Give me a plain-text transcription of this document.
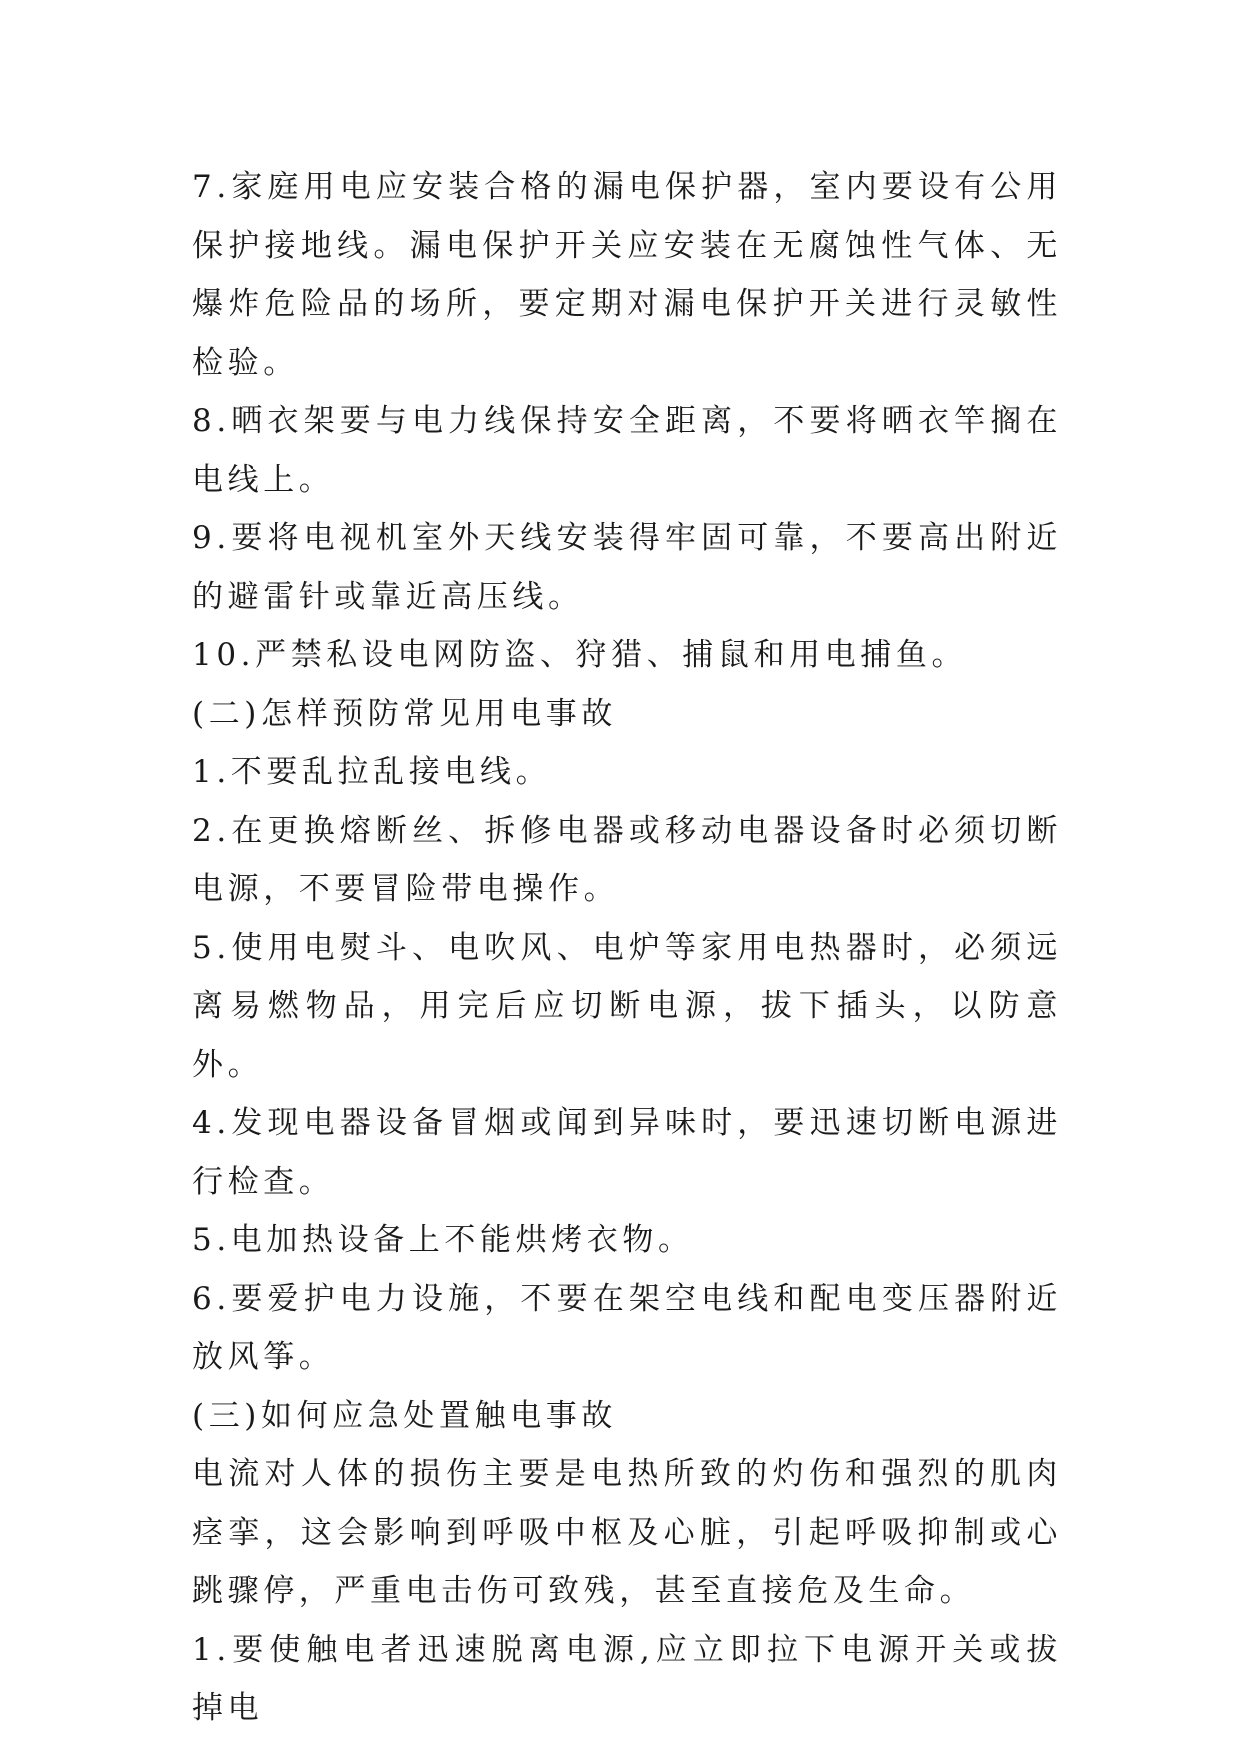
7.家庭用电应安装合格的漏电保护器，室内要设有公用保护接地线。漏电保护开关应安装在无腐蚀性气体、无爆炸危险品的场所，要定期对漏电保护开关进行灵敏性检验。

8.晒衣架要与电力线保持安全距离，不要将晒衣竿搁在电线上。

9.要将电视机室外天线安装得牢固可靠，不要高出附近的避雷针或靠近高压线。

10.严禁私设电网防盗、狩猎、捕鼠和用电捕鱼。

(二)怎样预防常见用电事故

1.不要乱拉乱接电线。

2.在更换熔断丝、拆修电器或移动电器设备时必须切断电源，不要冒险带电操作。

5.使用电熨斗、电吹风、电炉等家用电热器时，必须远离易燃物品，用完后应切断电源，拔下插头，以防意外。

4.发现电器设备冒烟或闻到异味时，要迅速切断电源进行检查。

5.电加热设备上不能烘烤衣物。

6.要爱护电力设施，不要在架空电线和配电变压器附近放风筝。

(三)如何应急处置触电事故

电流对人体的损伤主要是电热所致的灼伤和强烈的肌肉痉挛，这会影响到呼吸中枢及心脏，引起呼吸抑制或心跳骤停，严重电击伤可致残，甚至直接危及生命。

1.要使触电者迅速脱离电源,应立即拉下电源开关或拔掉电
